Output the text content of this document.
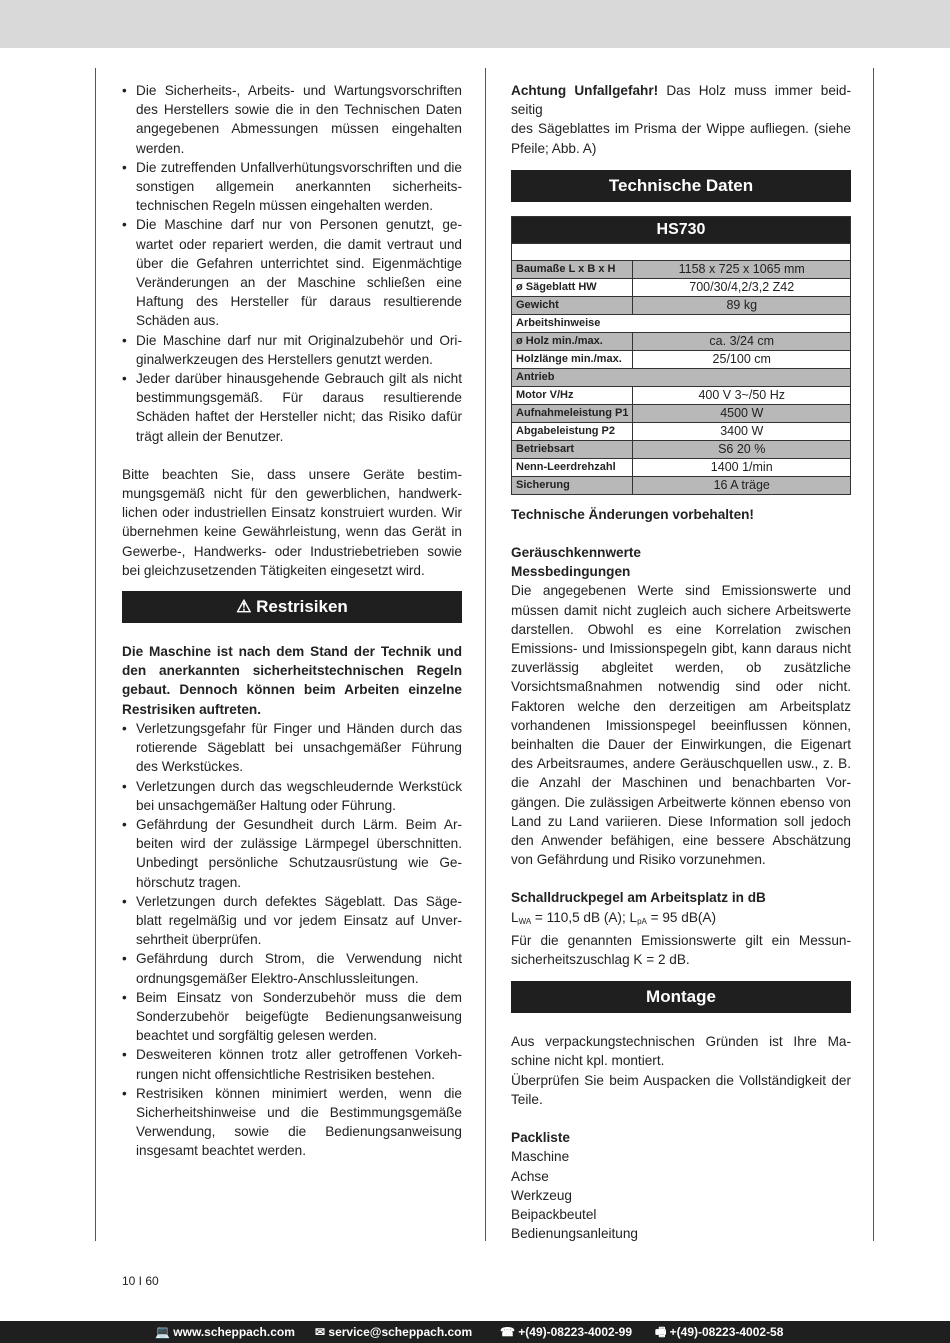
• Die Sicherheits-, Arbeits- und Wartungsvorschriften des Herstellers sowie die in den Technischen Daten angegebenen Abmessungen müssen eingehalten werden.
• Die zutreffenden Unfallverhütungsvorschriften und die sonstigen allgemein anerkannten sicherheitstechnischen Regeln müssen eingehalten werden.
• Die Maschine darf nur von Personen genutzt, gewartet oder repariert werden, die damit vertraut und über die Gefahren unterrichtet sind. Eigenmächtige Veränderungen an der Maschine schließen eine Haftung des Hersteller für daraus resultierende Schäden aus.
• Die Maschine darf nur mit Originalzubehör und Originalwerkzeugen des Herstellers genutzt werden.
• Jeder darüber hinausgehende Gebrauch gilt als nicht bestimmungsgemäß. Für daraus resultierende Schäden haftet der Hersteller nicht; das Risiko dafür trägt allein der Benutzer.

Bitte beachten Sie, dass unsere Geräte bestimmungsgemäß nicht für den gewerblichen, handwerklichen oder industriellen Einsatz konstruiert wurden. Wir übernehmen keine Gewährleistung, wenn das Gerät in Gewerbe-, Handwerks- oder Industriebetrieben sowie bei gleichzusetzenden Tätigkeiten eingesetzt wird.

⚠ Restrisiken

Die Maschine ist nach dem Stand der Technik und den anerkannten sicherheitstechnischen Regeln gebaut. Dennoch können beim Arbeiten einzelne Restrisiken auftreten.

• Verletzungsgefahr für Finger und Händen durch das rotierende Sägeblatt bei unsachgemäßer Führung des Werkstückes.
• Verletzungen durch das wegschleudernde Werkstück bei unsachgemäßer Haltung oder Führung.
• Gefährdung der Gesundheit durch Lärm. Beim Arbeiten wird der zulässige Lärmpegel überschnitten. Unbedingt persönliche Schutzausrüstung wie Gehörschutz tragen.
• Verletzungen durch defektes Sägeblatt. Das Sägeblatt regelmäßig und vor jedem Einsatz auf Unversehrtheit überprüfen.
• Gefährdung durch Strom, die Verwendung nicht ordnungsgemäßer Elektro-Anschlussleitungen.
• Beim Einsatz von Sonderzubehör muss die dem Sonderzubehör beigefügte Bedienungsanweisung beachtet und sorgfältig gelesen werden.
• Desweiteren können trotz aller getroffenen Vorkehrungen nicht offensichtliche Restrisiken bestehen.
• Restrisiken können minimiert werden, wenn die Sicherheitshinweise und die Bestimmungsgemäße Verwendung, sowie die Bedienungsanweisung insgesamt beachtet werden.

Achtung Unfallgefahr! Das Holz muss immer beidseitig

des Sägeblattes im Prisma der Wippe aufliegen. (siehe Pfeile; Abb. A)

Technische Daten
HS730	

Baumaße L x B x H	1158 x 725 x 1065 mm
ø Sägeblatt HW	700/30/4,2/3,2 Z42
Gewicht	89 kg
Arbeitshinweise	
ø Holz min./max.	ca. 3/24 cm
Holzlänge min./max.	25/100 cm
Antrieb	
Motor V/Hz	400 V 3~/50 Hz
Aufnahmeleistung P1	4500 W
Abgabeleistung P2	3400 W
Betriebsart	S6 20 %
Nenn-Leerdrehzahl	1400 1/min
Sicherung	16 A träge

Technische Änderungen vorbehalten!

Geräuschkennwerte

Messbedingungen

Die angegebenen Werte sind Emissionswerte und müssen damit nicht zugleich auch sichere Arbeitswerte darstellen. Obwohl es eine Korrelation zwischen Emissions- und Imissionspegeln gibt, kann daraus nicht zuverlässig abgleitet werden, ob zusätzliche Vorsichtsmaßnahmen notwendig sind oder nicht. Faktoren welche den derzeitigen am Arbeitsplatz vorhandenen Imissionspegel beeinflussen können, beinhalten die Dauer der Einwirkungen, die Eigenart des Arbeitsraumes, andere Geräuschquellen usw., z. B. die Anzahl der Maschinen und benachbarten Vorgängen. Die zulässigen Arbeitwerte können ebenso von Land zu Land variieren. Diese Information soll jedoch den Anwender befähigen, eine bessere Abschätzung von Gefährdung und Risiko vorzunehmen.

Schalldruckpegel am Arbeitsplatz in dB

$L_{WA} = 110,5$ dB (A); $L_{pA} = 95$ dB(A)

Für die genannten Emissionswerte gilt ein Messunsicherheitszuschlag K = 2 dB.

Montage

Aus verpackungstechnischen Gründen ist Ihre Maschine nicht kpl. montiert.

Überprüfen Sie beim Auspacken die Vollständigkeit der Teile.

Packliste

Maschine
Achse
Werkzeug
Beipackbeutel
Bedienungsanleitung
10 I 60
💻 www.scheppach.com ✉ service@scheppach.com ☎ +(49)-08223-4002-99 🖷 +(49)-08223-4002-58
